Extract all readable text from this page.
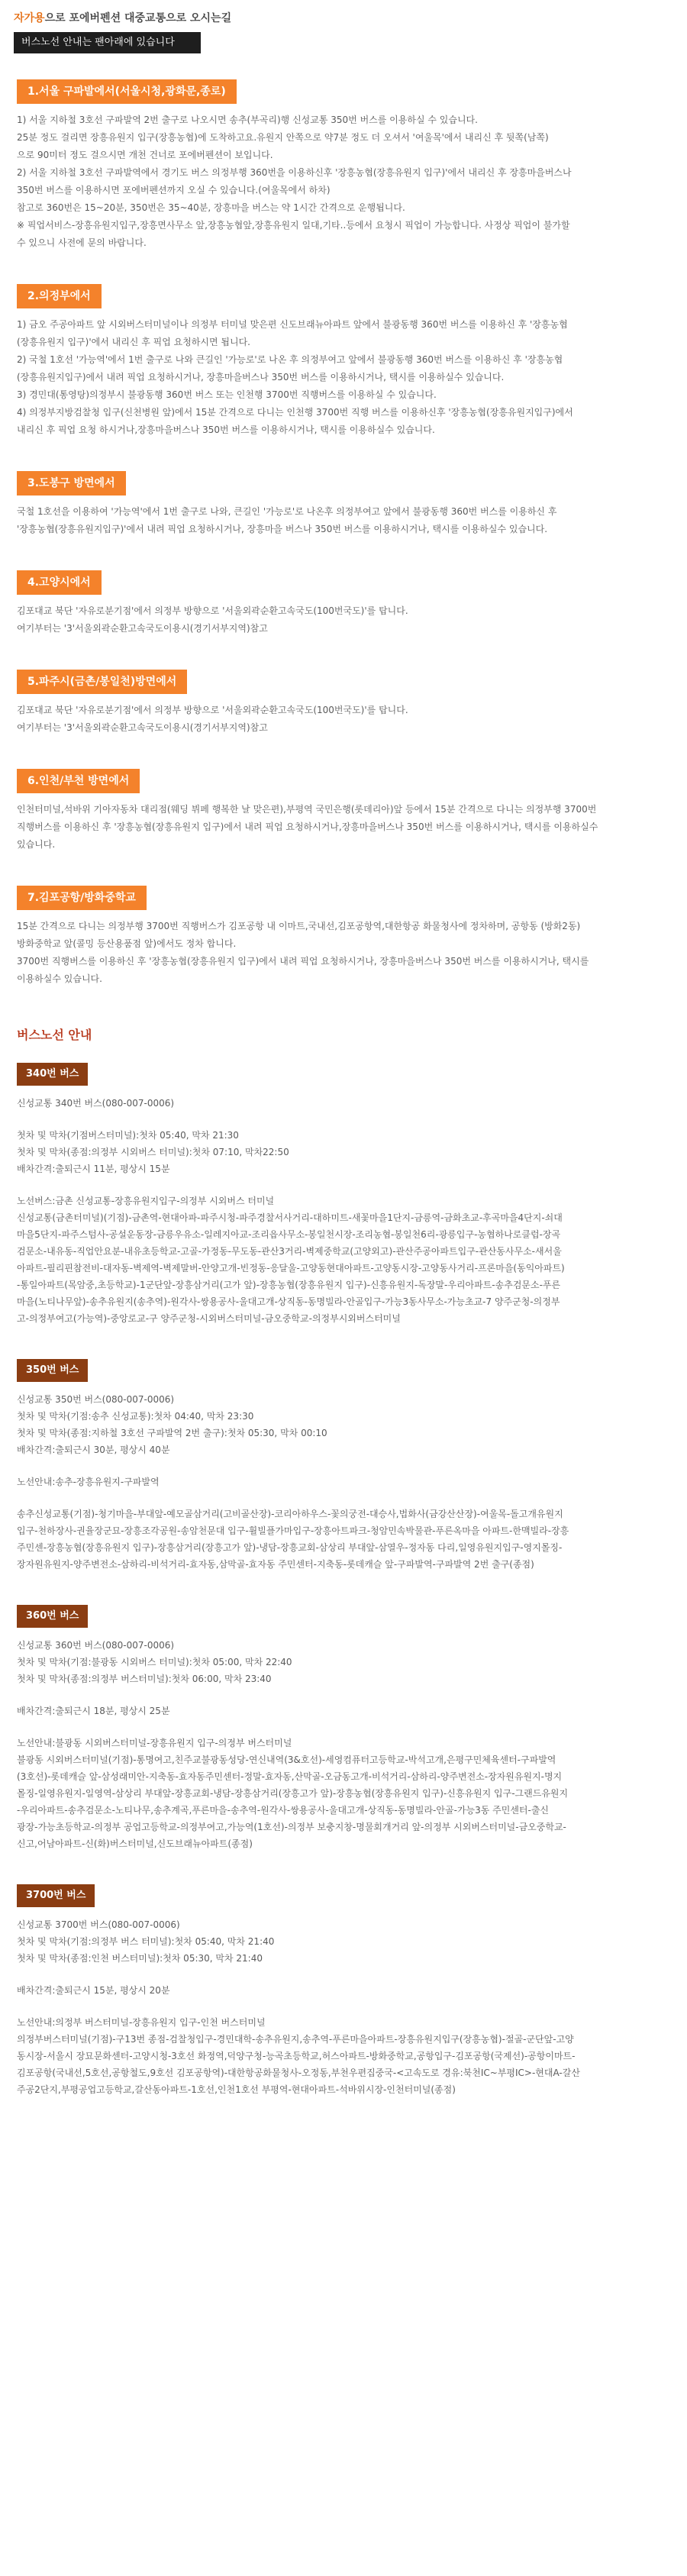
자가용으로 포에버펜션 대중교통으로 오시는길
버스노선 안내는 팬아래에 있습니다
1.서울 구파발에서(서울시청,광화문,종로)

1) 서울 지하철 3호선 구파발역 2번 출구로 나오시면 송추(부곡리)행 신성교통 350번 버스를 이용하실 수 있습니다.

25분 정도 걸리면 장흥유원지 입구(장흥농협)에 도착하고요.유원지 안쪽으로 약7분 정도 더 오셔서 '여울목'에서 내리신 후 뒷쪽(남쪽)

으로 90미터 정도 걸으시면 개천 건너로 포에버펜션이 보입니다.

2) 서울 지하철 3호선 구파발역에서 경기도 버스 의정부행 360번을 이용하신후 '장흥농협(장흥유원지 입구)'에서 내리신 후 장흥마을버스나

350번 버스를 이용하시면 포에버펜션까지 오실 수 있습니다.(여울목에서 하차)

참고로 360번은 15~20분, 350번은 35~40분, 장흥마을 버스는 약 1시간 간격으로 운행됩니다.

※ 픽업서비스-장흥유원지입구,장흥면사무소 앞,장흥농협앞,장흥유원지 일대,기타..등에서 요청시 픽업이 가능합니다. 사정상 픽업이 불가할

수 있으니 사전에 문의 바랍니다.

2.의정부에서

1) 금오 주공아파트 앞 시외버스터미널이나 의정부 터미널 맞은편 신도브래뉴아파트 앞에서 불광동행 360번 버스를 이용하신 후 '장흥농협

(장흥유원지 입구)'에서 내리신 후 픽업 요청하시면 됩니다.

2) 국철 1호선 '가능역'에서 1번 출구로 나와 큰길인 '가능로'로 나온 후 의정부여고 앞에서 불광동행 360번 버스를 이용하신 후 '장흥농협

(장흥유원지입구)에서 내려 픽업 요청하시거나, 장흥마을버스나 350번 버스를 이용하시거나, 택시를 이용하실수 있습니다.

3) 경민대(통영탕)의정부시 불광동행 360번 버스 또는 인천행 3700번 직행버스를 이용하실 수 있습니다.

4) 의정부지방검찰청 입구(신천병원 앞)에서 15분 간격으로 다니는 인천행 3700번 직행 버스를 이용하신후 '장흥농협(장흥유원지입구)에서

내리신 후 픽업 요청 하시거나,장흥마을버스나 350번 버스를 이용하시거나, 택시를 이용하실수 있습니다.

3.도봉구 방면에서

국철 1호선을 이용하여 '가능역'에서 1번 출구로 나와, 큰길인 '가능로'로 나온후 의정부여고 앞에서 불광동행 360번 버스를 이용하신 후

'장흥농협(장흥유원지입구)'에서 내려 픽업 요청하시거나, 장흥마을 버스나 350번 버스를 이용하시거나, 택시를 이용하실수 있습니다.

4.고양시에서

김포대교 북단 '자유로분기점'에서 의정부 방향으로 '서울외곽순환고속국도(100번국도)'를 탑니다.

여기부터는 '3'서울외곽순환고속국도이용시(경기서부지역)참고

5.파주시(금촌/봉일천)방면에서

김포대교 북단 '자유로분기점'에서 의정부 방향으로 '서울외곽순환고속국도(100번국도)'를 탑니다.

여기부터는 '3'서울외곽순환고속국도이용시(경기서부지역)참고

6.인천/부천 방면에서

인천터미널,석바위 기아자동차 대리점(웨딩 뷔페 행복한 날 맞은편),부평역 국민은행(롯데리아)앞 등에서 15분 간격으로 다니는 의정부행 3700번

직행버스를 이용하신 후 '장흥농협(장흥유원지 입구)에서 내려 픽업 요청하시거나,장흥마을버스나 350번 버스를 이용하시거나, 택시를 이용하실수

있습니다.

7.김포공항/방화중학교

15분 간격으로 다니는 의정부행 3700번 직행버스가 김포공항 내 이마트,국내선,김포공항역,대한항공 화물청사에 정차하며, 공항동 (방화2동)

방화중학교 앞(콜밍 등산용품점 앞)에서도 정차 합니다.

3700번 직행버스를 이용하신 후 '장흥농협(장흥유원지 입구)에서 내려 픽업 요청하시거나, 장흥마을버스나 350번 버스를 이용하시거나, 택시를

이용하실수 있습니다.

버스노선 안내
340번 버스

신성교통 340번 버스(080-007-0006)

첫차 및 막차(기점버스터미널):첫차 05:40, 막차 21:30

첫차 및 막차(종점:의정부 시외버스 터미널):첫차 07:10, 막차22:50

배차간격:출퇴근시 11분, 평상시 15분

노선버스:금촌 신성교통-장흥유원지입구-의정부 시외버스 터미널

신성교통(금촌터미널)(기점)-금촌역-현대아파-파주시청-파주경찰서사거리-대하미트-새꽃마을1단지-금릉역-금화초교-후곡마을4단지-쇠대

마을5단지-파주스텀사-공설운동장-금릉우유소-일레지아교-조리읍사무소-봉일천시장-조리농협-봉일천6리-광릉입구-농협하나로클럽-장곡

검문소-내유동-직업안요분-내유초등학교-고골-가정동-무도동-관산3거리-벽제중학교(고양외고)-관산주공아파트입구-관산동사무소-새서울

아파트-필리핀참전비-대자동-벽제역-벽제말버-안양고개-빈정동-응달울-고양동현대아파트-고양동시장-고양동사거리-프론마을(동익아파트)

-통일아파트(목암중,초등학교)-1군단앞-장흥삼거리(고가 앞)-장흥농협(장흥유원지 입구)-신흥유원지-독장말-우리아파트-송추검문소-푸른

마을(노티나무앞)-송추유원지(송추역)-원각사-쌍용공사-울대고개-상직동-동명빌라-안골입구-가능3동사무소-가능초교-7 양주군청-의정부

고-의정부여고(가능역)-중앙로교-구 양주군청-시외버스터미널-금오중학교-의정부시외버스터미널

350번 버스

신성교통 350번 버스(080-007-0006)

첫차 및 막차(기점:송추 신성교통):첫차 04:40, 막차 23:30

첫차 및 막차(종점:지하철 3호선 구파발역 2번 출구):첫차 05:30, 막차 00:10

배차간격:출퇴근시 30분, 평상시 40분

노선안내:송추-장흥유원지-구파발역

송추신성교통(기점)-청기마을-부대앞-예모골삼거리(고비골산장)-코리아하우스-꽃의궁전-대승사,법화사(금강산산장)-여울목-돌고개유원지

입구-천하장사-권율장군묘-장흥조각공원-송암천문대 입구-휠빌플가마입구-장흥아트파크-청암민속박물관-푸른옥마을 아파트-한맥빌라-장흥

주민센-장흥농협(장흥유원지 입구)-장흥삼거리(장흥고가 앞)-냉담-장흥교회-삼상리 부대앞-삼열우-정자동 다리,일영유원지입구-영지몰징-

장자원유원지-양주변전소-삼하리-비석거리-효자동,삼막골-효자동 주민센터-지축동-롯데캐슬 앞-구파발역-구파발역 2번 출구(종점)

360번 버스

신성교통 360번 버스(080-007-0006)

첫차 및 막차(기점:불광동 시외버스 터미널):첫차 05:00, 막차 22:40

첫차 및 막차(종점:의정부 버스터미널):첫차 06:00, 막차 23:40

배차간격:출퇴근시 18분, 평상시 25분

노선안내:불광동 시외버스터미널-장흥유원지 입구-의정부 버스터미널

불광동 시외버스터미널(기점)-통명여고,친주교불광동성당-연신내역(3&호선)-세영컴퓨터고등학교-박석고개,은평구민체육센터-구파발역

(3호선)-롯데캐슬 앞-삼성래미안-지축동-효자동주민센터-정말-효자동,산막골-오금동고개-비석거리-삼하리-양주변전소-장자원유원지-명지

몰징-일영유원지-일영역-삼상리 부대앞-장흥교회-냉담-장흥삼거리(장흥고가 앞)-장흥농협(장흥유원지 입구)-신흥유원지 입구-그랜드유원지

-우리아파트-송추검문소-노티나무,송추계곡,푸른마을-송추역-원각사-쌍용공사-울대고개-상직동-동명빌라-안골-가능3동 주민센터-출신

광장-가능초등학교-의정부 공업고등학교-의정부여고,가능역(1호선)-의정부 보충지창-명물회개거리 앞-의정부 시외버스터미널-금오중학교-

신고,어남아파트-신(화)버스터미널,신도브래뉴아파트(종점)

3700번 버스

신성교통 3700번 버스(080-007-0006)

첫차 및 막차(기점:의정부 버스 터미널):첫차 05:40, 막차 21:40

첫차 및 막차(종점:인천 버스터미널):첫차 05:30, 막차 21:40

배차간격:출퇴근시 15분, 평상시 20분

노선안내:의정부 버스터미널-장흥유원지 입구-인천 버스터미널

의정부버스터미널(기점)-구13번 종점-검찰청입구-경민대학-송추유원지,송추역-푸른마을아파트-장흥유원지입구(장흥농협)-절골-군단앞-고양

동시장-서울시 장묘문화센터-고양시청-3호선 화정역,덕양구청-능곡초등학교,허스아파트-방화중학교,공항입구-김포공항(국제선)-공항이마트-

김포공항(국내선,5호선,공항철도,9호선 김포공항역)-대한항공화물청사-오정동,부천우편집중국-<고속도로 경유:북천IC~부평IC>-현대A-갈산

주공2단지,부평공업고등학교,갈산동아파트-1호선,인천1호선 부평역-현대아파트-석바위시장-인천터미널(종점)
